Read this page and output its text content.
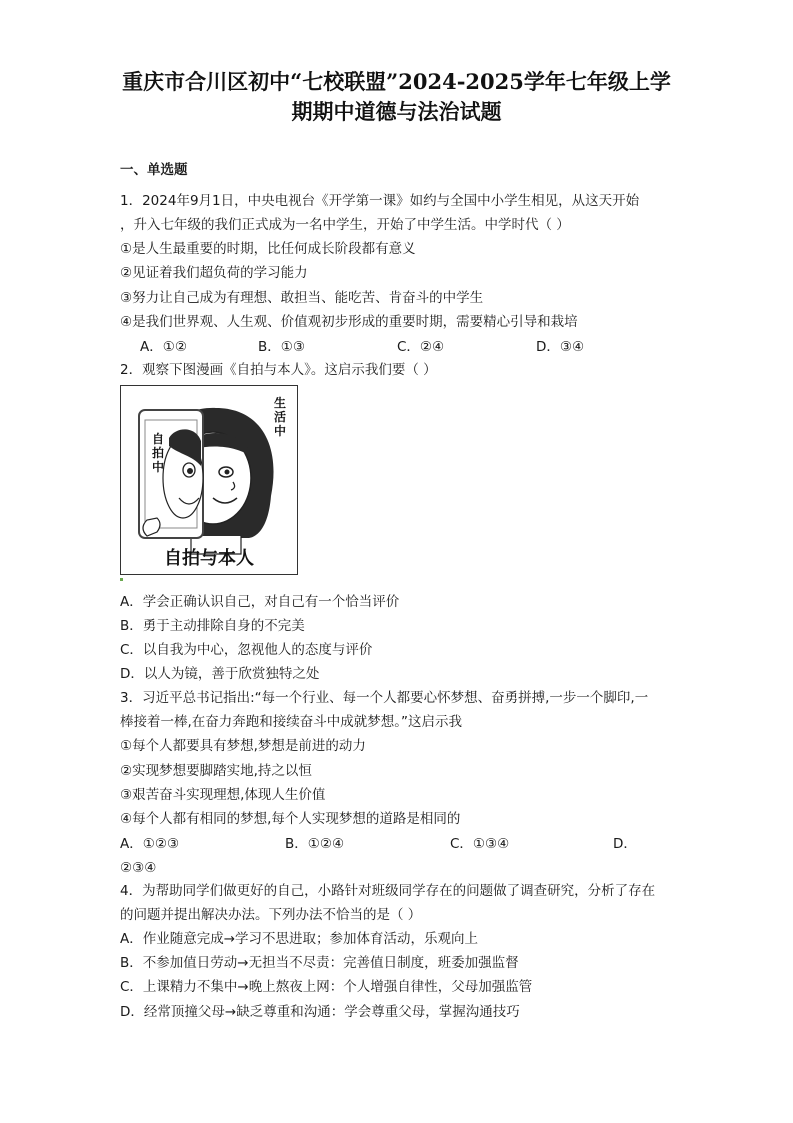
重庆市合川区初中“七校联盟”2024-2025学年七年级上学
期期中道德与法治试题
一、单选题
1．2024年9月1日，中央电视台《开学第一课》如约与全国中小学生相见，从这天开始
，升入七年级的我们正式成为一名中学生，开始了中学生活。中学时代（ ）
①是人生最重要的时期，比任何成长阶段都有意义
②见证着我们超负荷的学习能力
③努力让自己成为有理想、敢担当、能吃苦、肯奋斗的中学生
④是我们世界观、人生观、价值观初步形成的重要时期，需要精心引导和栽培
A．①②	B．①③	C．②④	D．③④
2．观察下图漫画《自拍与本人》。这启示我们要（ ）
自拍中
生活中
自拍与本人
A．学会正确认识自己，对自己有一个恰当评价
B．勇于主动排除自身的不完美
C．以自我为中心，忽视他人的态度与评价
D．以人为镜，善于欣赏独特之处
3．习近平总书记指出:“每一个行业、每一个人都要心怀梦想、奋勇拼搏,一步一个脚印,一
棒接着一棒,在奋力奔跑和接续奋斗中成就梦想。”这启示我
①每个人都要具有梦想,梦想是前进的动力
②实现梦想要脚踏实地,持之以恒
③艰苦奋斗实现理想,体现人生价值
④每个人都有相同的梦想,每个人实现梦想的道路是相同的
A．①②③	B．①②④	C．①③④	D．
②③④
4．为帮助同学们做更好的自己，小路针对班级同学存在的问题做了调查研究，分析了存在
的问题并提出解决办法。下列办法不恰当的是（ ）
A．作业随意完成→学习不思进取；参加体育活动，乐观向上
B．不参加值日劳动→无担当不尽责：完善值日制度，班委加强监督
C．上课精力不集中→晚上熬夜上网：个人增强自律性，父母加强监管
D．经常顶撞父母→缺乏尊重和沟通：学会尊重父母，掌握沟通技巧
